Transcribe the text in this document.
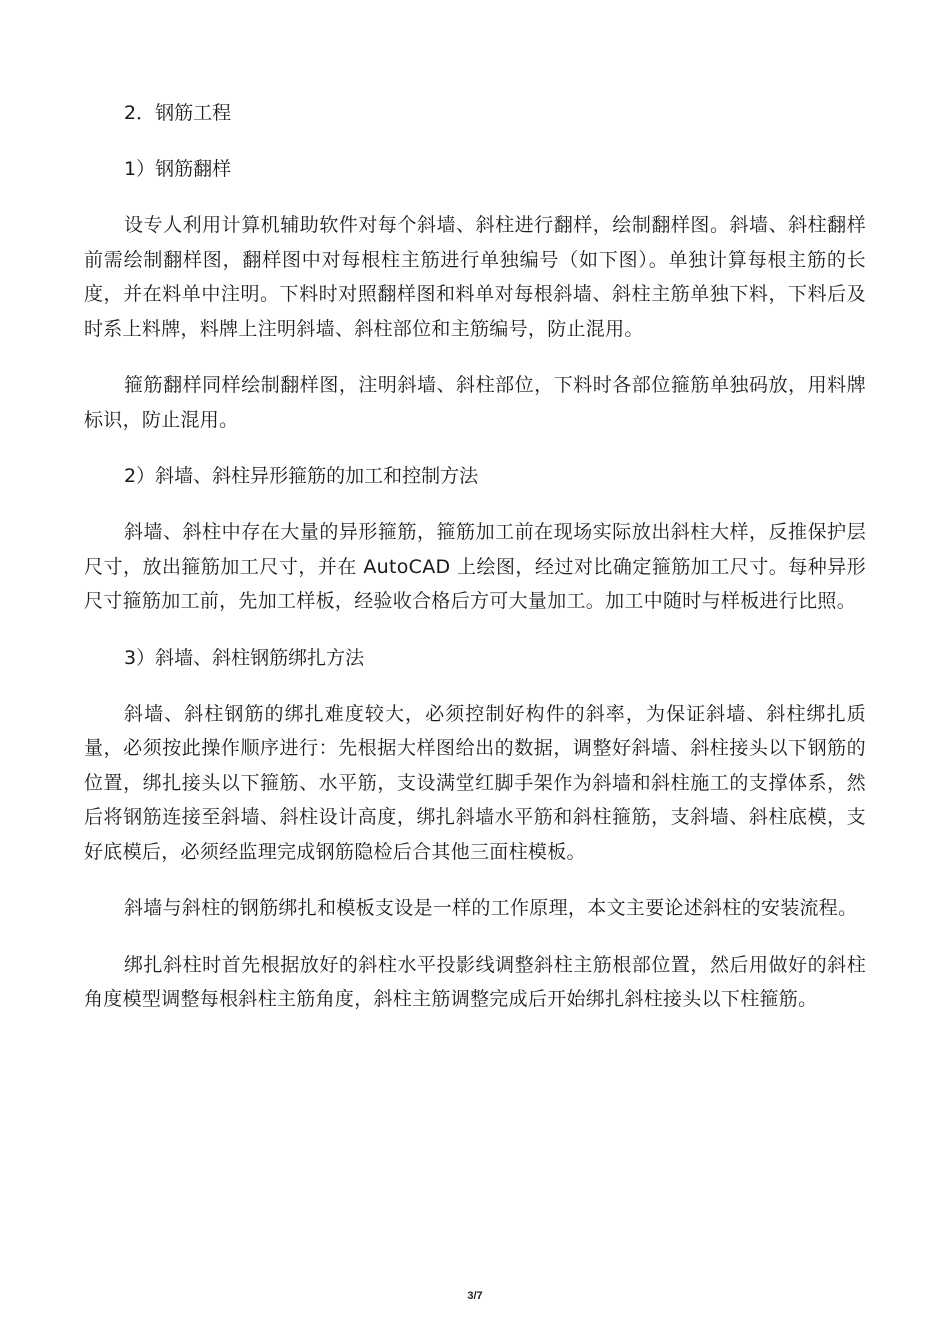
2．钢筋工程
1）钢筋翻样

设专人利用计算机辅助软件对每个斜墙、斜柱进行翻样，绘制翻样图。斜墙、斜柱翻样前需绘制翻样图，翻样图中对每根柱主筋进行单独编号（如下图）。单独计算每根主筋的长度，并在料单中注明。下料时对照翻样图和料单对每根斜墙、斜柱主筋单独下料，下料后及时系上料牌，料牌上注明斜墙、斜柱部位和主筋编号，防止混用。

箍筋翻样同样绘制翻样图，注明斜墙、斜柱部位，下料时各部位箍筋单独码放，用料牌标识，防止混用。

2）斜墙、斜柱异形箍筋的加工和控制方法

斜墙、斜柱中存在大量的异形箍筋，箍筋加工前在现场实际放出斜柱大样，反推保护层尺寸，放出箍筋加工尺寸，并在 AutoCAD 上绘图，经过对比确定箍筋加工尺寸。每种异形尺寸箍筋加工前，先加工样板，经验收合格后方可大量加工。加工中随时与样板进行比照。

3）斜墙、斜柱钢筋绑扎方法

斜墙、斜柱钢筋的绑扎难度较大，必须控制好构件的斜率，为保证斜墙、斜柱绑扎质量，必须按此操作顺序进行：先根据大样图给出的数据，调整好斜墙、斜柱接头以下钢筋的位置，绑扎接头以下箍筋、水平筋，支设满堂红脚手架作为斜墙和斜柱施工的支撑体系，然后将钢筋连接至斜墙、斜柱设计高度，绑扎斜墙水平筋和斜柱箍筋，支斜墙、斜柱底模，支好底模后，必须经监理完成钢筋隐检后合其他三面柱模板。

斜墙与斜柱的钢筋绑扎和模板支设是一样的工作原理，本文主要论述斜柱的安装流程。

绑扎斜柱时首先根据放好的斜柱水平投影线调整斜柱主筋根部位置，然后用做好的斜柱角度模型调整每根斜柱主筋角度，斜柱主筋调整完成后开始绑扎斜柱接头以下柱箍筋。

3/7
